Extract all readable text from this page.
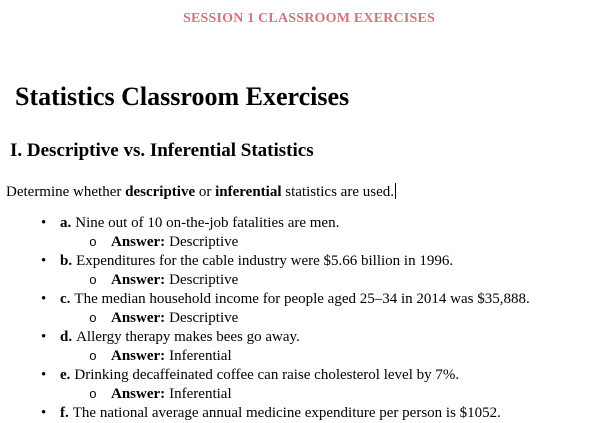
SESSION 1 CLASSROOM EXERCISES
Statistics Classroom Exercises
I. Descriptive vs. Inferential Statistics

Determine whether descriptive or inferential statistics are used.

• a. Nine out of 10 on-the-job fatalities are men.
o Answer: Descriptive
• b. Expenditures for the cable industry were $5.66 billion in 1996.
o Answer: Descriptive
• c. The median household income for people aged 25–34 in 2014 was $35,888.
o Answer: Descriptive
• d. Allergy therapy makes bees go away.
o Answer: Inferential
• e. Drinking decaffeinated coffee can raise cholesterol level by 7%.
o Answer: Inferential
• f. The national average annual medicine expenditure per person is $1052.
